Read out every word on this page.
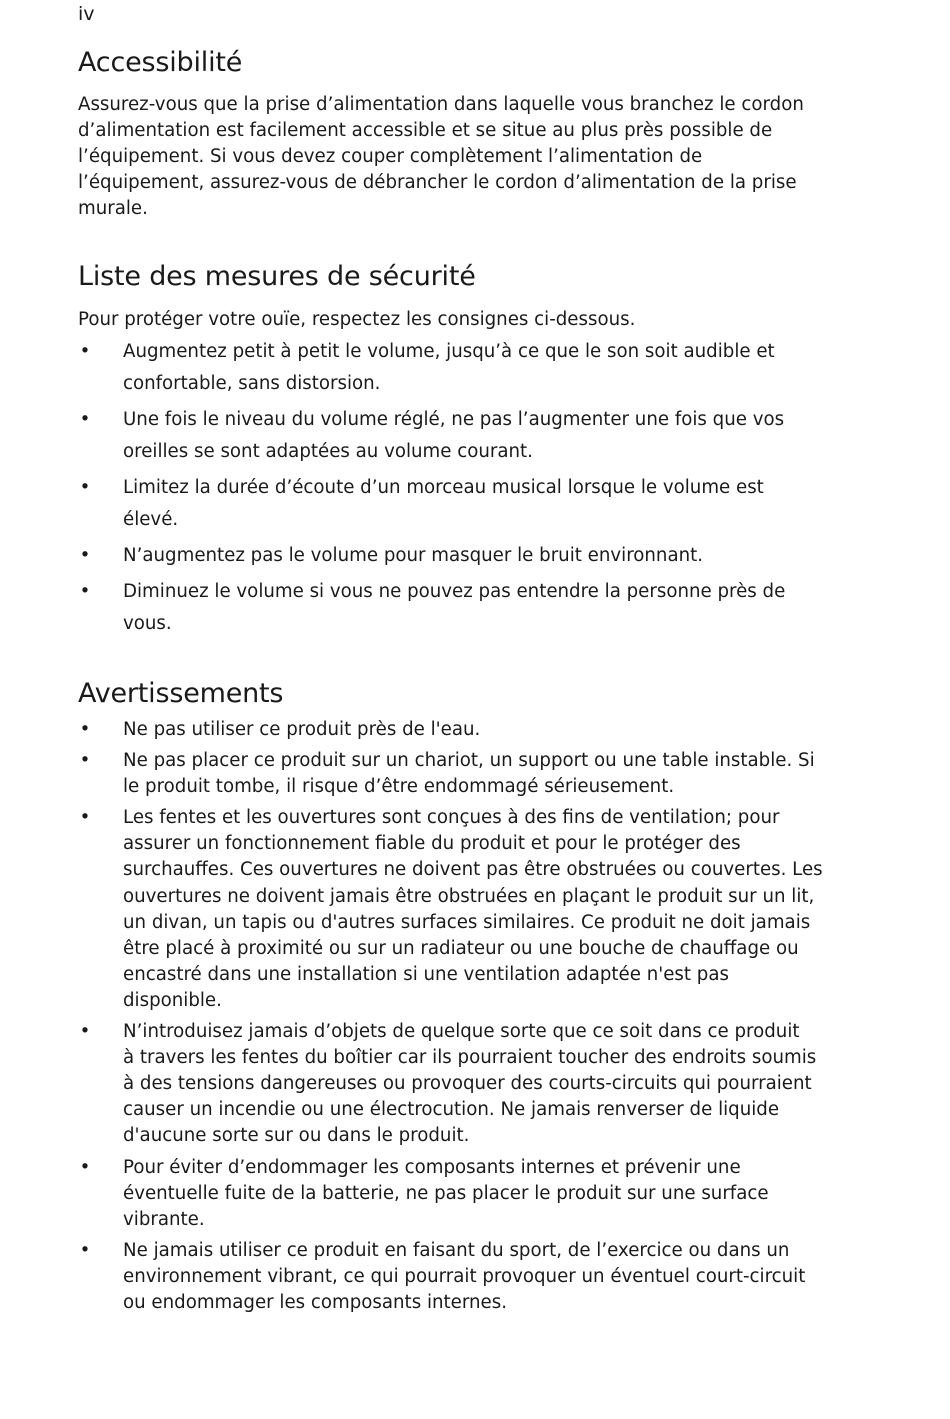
iv
Accessibilité

Assurez-vous que la prise d’alimentation dans laquelle vous branchez le cordon
d’alimentation est facilement accessible et se situe au plus près possible de
l’équipement. Si vous devez couper complètement l’alimentation de
l’équipement, assurez-vous de débrancher le cordon d’alimentation de la prise
murale.

Liste des mesures de sécurité

Pour protéger votre ouïe, respectez les consignes ci-dessous.

• Augmentez petit à petit le volume, jusqu’à ce que le son soit audible et
confortable, sans distorsion.
• Une fois le niveau du volume réglé, ne pas l’augmenter une fois que vos
oreilles se sont adaptées au volume courant.
• Limitez la durée d’écoute d’un morceau musical lorsque le volume est
élevé.
• N’augmentez pas le volume pour masquer le bruit environnant.
• Diminuez le volume si vous ne pouvez pas entendre la personne près de
vous.
Avertissements
• Ne pas utiliser ce produit près de l'eau.
• Ne pas placer ce produit sur un chariot, un support ou une table instable. Si
le produit tombe, il risque d’être endommagé sérieusement.
• Les fentes et les ouvertures sont conçues à des fins de ventilation; pour
assurer un fonctionnement fiable du produit et pour le protéger des
surchauffes. Ces ouvertures ne doivent pas être obstruées ou couvertes. Les
ouvertures ne doivent jamais être obstruées en plaçant le produit sur un lit,
un divan, un tapis ou d'autres surfaces similaires. Ce produit ne doit jamais
être placé à proximité ou sur un radiateur ou une bouche de chauffage ou
encastré dans une installation si une ventilation adaptée n'est pas
disponible.
• N’introduisez jamais d’objets de quelque sorte que ce soit dans ce produit
à travers les fentes du boîtier car ils pourraient toucher des endroits soumis
à des tensions dangereuses ou provoquer des courts-circuits qui pourraient
causer un incendie ou une électrocution. Ne jamais renverser de liquide
d'aucune sorte sur ou dans le produit.
• Pour éviter d’endommager les composants internes et prévenir une
éventuelle fuite de la batterie, ne pas placer le produit sur une surface
vibrante.
• Ne jamais utiliser ce produit en faisant du sport, de l’exercice ou dans un
environnement vibrant, ce qui pourrait provoquer un éventuel court-circuit
ou endommager les composants internes.
